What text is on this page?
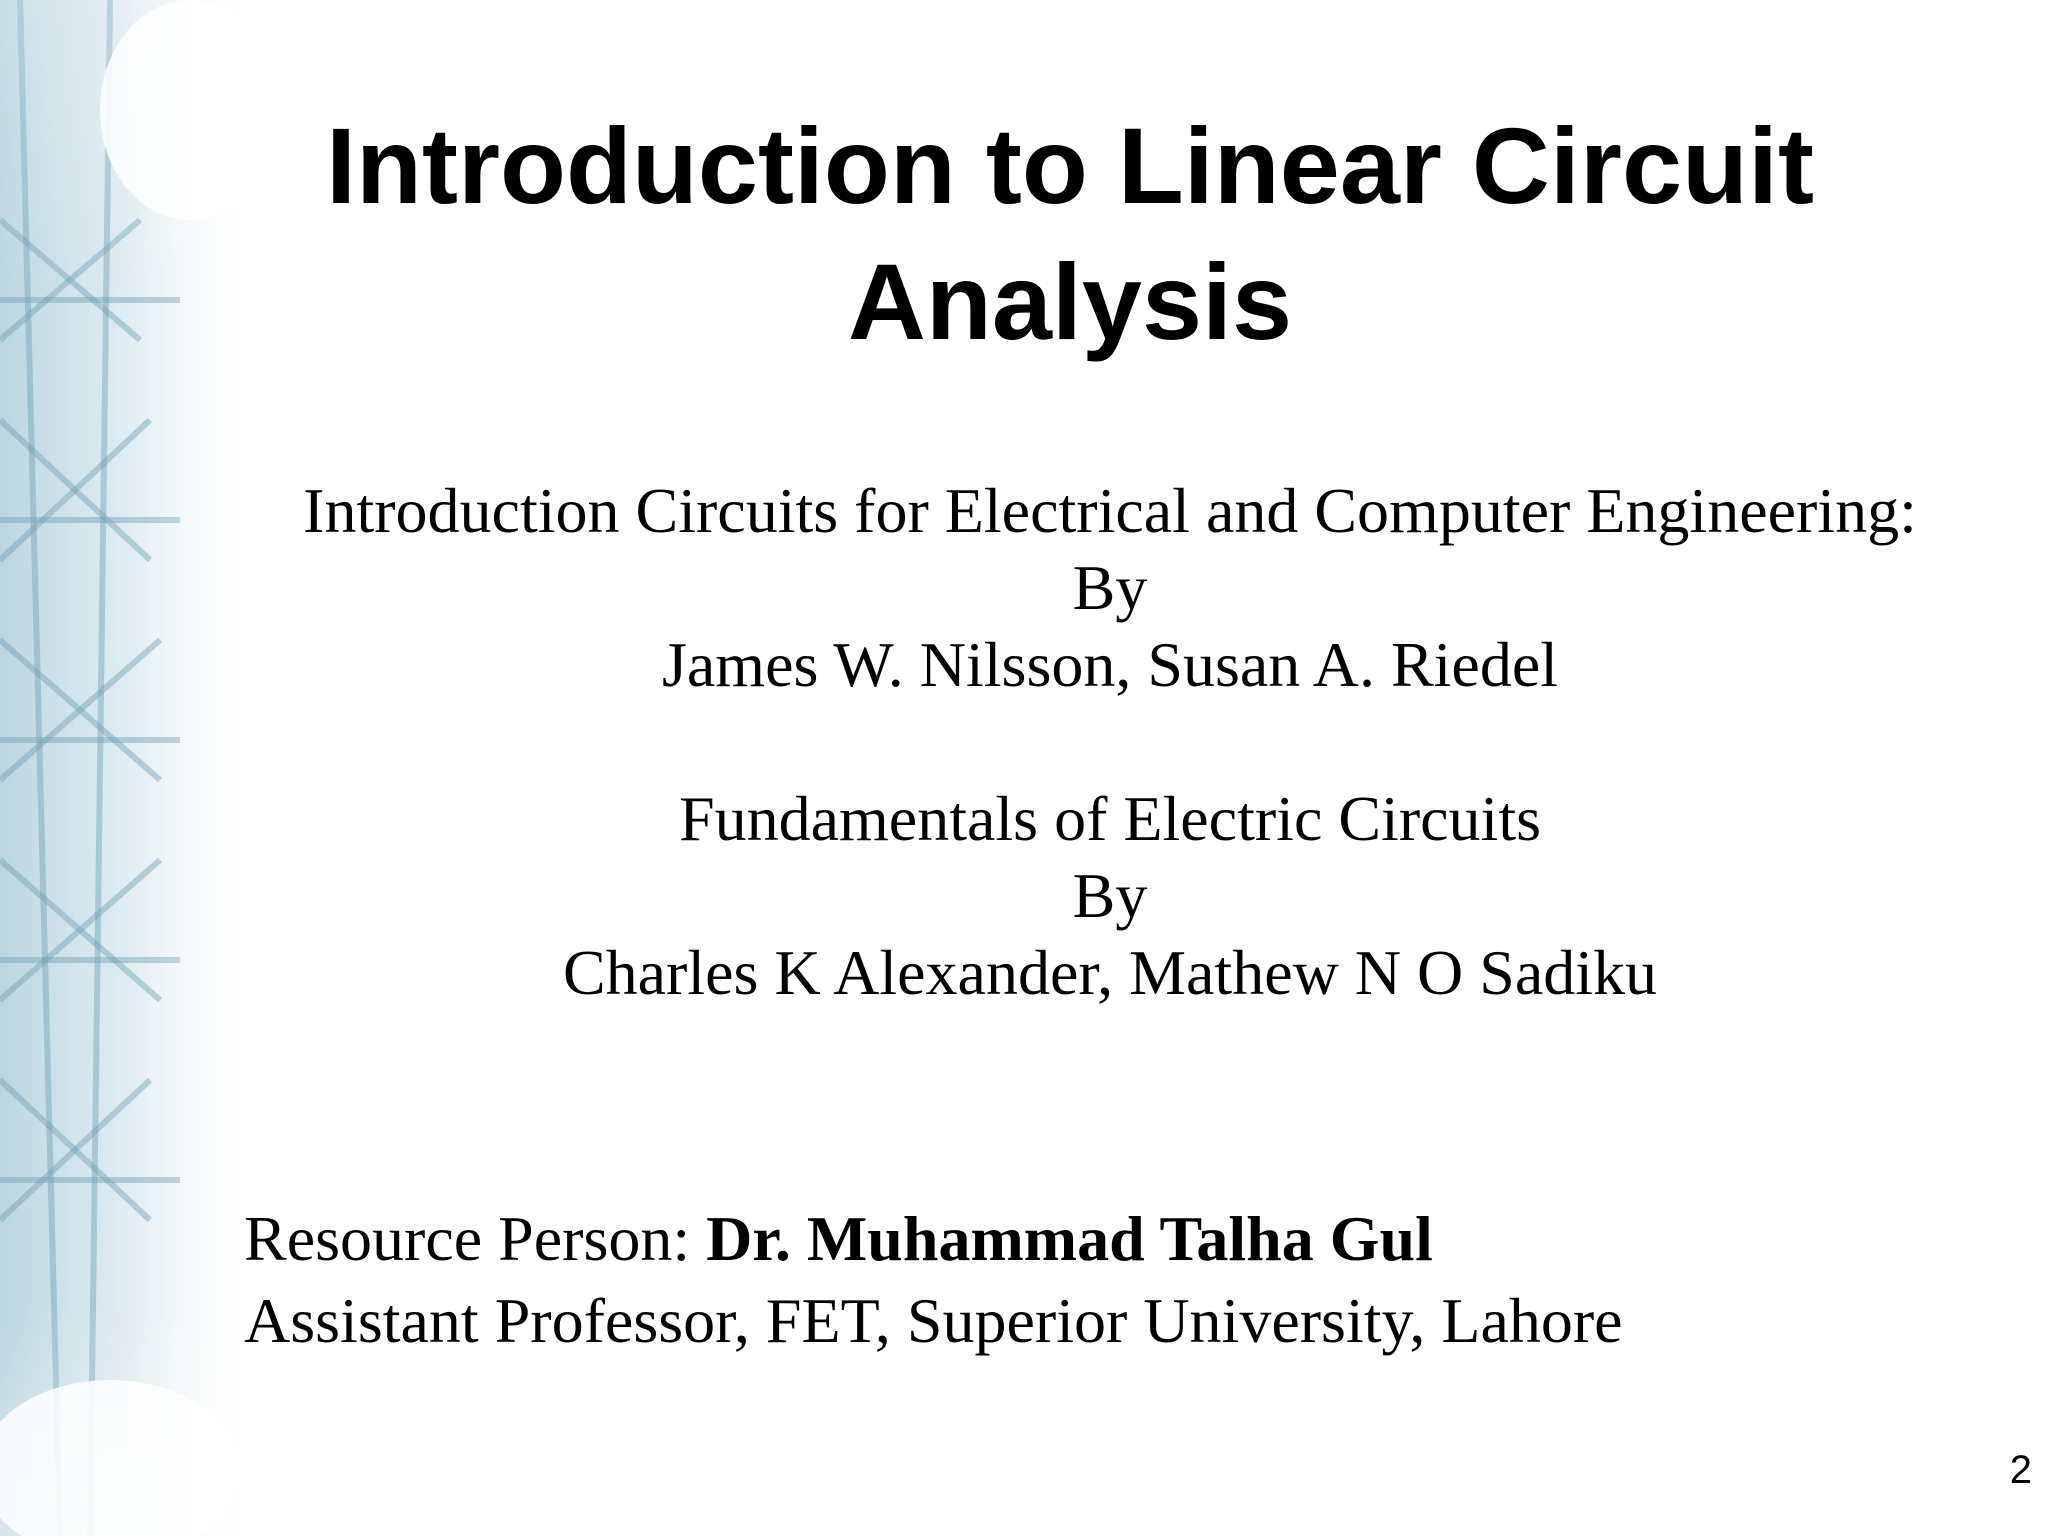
Introduction to Linear Circuit Analysis
Introduction Circuits for Electrical and Computer Engineering:
By
James W. Nilsson, Susan A. Riedel
Fundamentals of Electric Circuits
By
Charles K Alexander, Mathew N O Sadiku
Resource Person: Dr. Muhammad Talha Gul
Assistant Professor, FET, Superior University, Lahore
2
